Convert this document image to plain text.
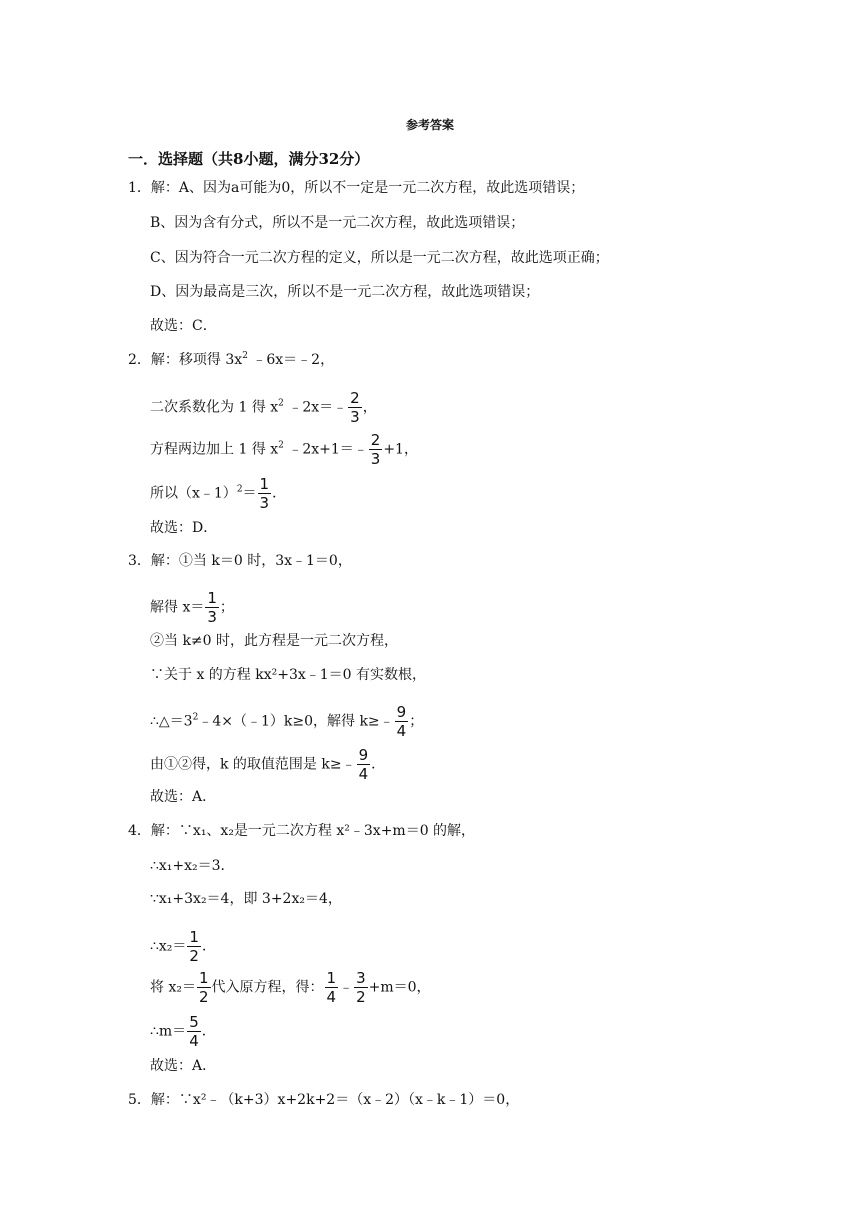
参考答案
一．选择题（共8小题，满分32分）
1．解：A、因为a可能为0，所以不一定是一元二次方程，故此选项错误；
B、因为含有分式，所以不是一元二次方程，故此选项错误；
C、因为符合一元二次方程的定义，所以是一元二次方程，故此选项正确；
D、因为最高是三次，所以不是一元二次方程，故此选项错误；
故选：C．
2．解：移项得 $3x^2$ ﹣6x＝﹣2，
二次系数化为 1 得 $x^2$ ﹣2x＝﹣ $\frac{2}{3}$ ，
方程两边加上 1 得 $x^2$ ﹣2x+1＝﹣ $\frac{2}{3} +1$，
所以（x﹣1）$^2$＝ $\frac{1}{3}$ ．
故选：D．
3．解：①当 k＝0 时，3x﹣1＝0，
解得 $x= \frac{1}{3}$ ；
②当 k≠0 时，此方程是一元二次方程，
∵关于 x 的方程 kx²+3x﹣1＝0 有实数根，
$\therefore\triangle=3^2﹣4\times(﹣1)k\ge 0$，解得 k≥﹣ $\frac{9}{4}$ ；
由①②得，k 的取值范围是 k≥﹣ $\frac{9}{4}$ ．
故选：A．
4．解：∵x₁、x₂是一元二次方程 x²﹣3x+m＝0 的解，
∴x₁+x₂＝3．
∵x₁+3x₂＝4，即 3+2x₂＝4，
∴x₂＝ $\frac{1}{2}$ ．
将 $x_2= \frac{1}{2}$ 代入原方程，得： $\frac{1}{4}$ ﹣ $\frac{3}{2} +m=0$，
∴m＝ $\frac{5}{4}$ ．
故选：A．
5．解：∵x²﹣（k+3）x+2k+2＝（x﹣2）（x﹣k﹣1）＝0，
